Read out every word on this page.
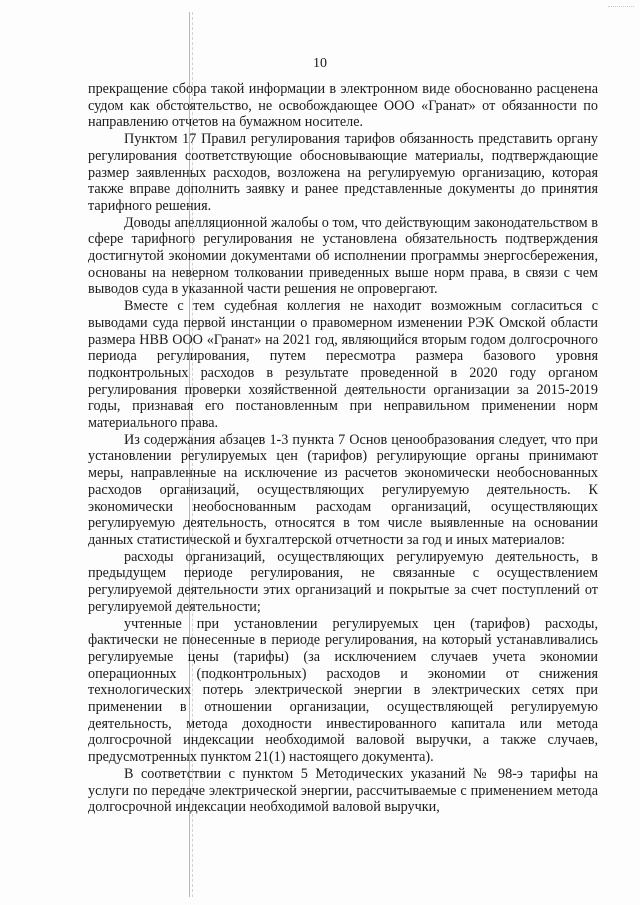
10

прекращение сбора такой информации в электронном виде обоснованно расценена судом как обстоятельство, не освобождающее ООО «Гранат» от обязанности по направлению отчетов на бумажном носителе.

Пунктом 17 Правил регулирования тарифов обязанность представить органу регулирования соответствующие обосновывающие материалы, подтверждающие размер заявленных расходов, возложена на регулируемую организацию, которая также вправе дополнить заявку и ранее представленные документы до принятия тарифного решения.

Доводы апелляционной жалобы о том, что действующим законодательством в сфере тарифного регулирования не установлена обязательность подтверждения достигнутой экономии документами об исполнении программы энергосбережения, основаны на неверном толковании приведенных выше норм права, в связи с чем выводов суда в указанной части решения не опровергают.

Вместе с тем судебная коллегия не находит возможным согласиться с выводами суда первой инстанции о правомерном изменении РЭК Омской области размера НВВ ООО «Гранат» на 2021 год, являющийся вторым годом долгосрочного периода регулирования, путем пересмотра размера базового уровня подконтрольных расходов в результате проведенной в 2020 году органом регулирования проверки хозяйственной деятельности организации за 2015-2019 годы, признавая его постановленным при неправильном применении норм материального права.

Из содержания абзацев 1-3 пункта 7 Основ ценообразования следует, что при установлении регулируемых цен (тарифов) регулирующие органы принимают меры, направленные на исключение из расчетов экономически необоснованных расходов организаций, осуществляющих регулируемую деятельность. К экономически необоснованным расходам организаций, осуществляющих регулируемую деятельность, относятся в том числе выявленные на основании данных статистической и бухгалтерской отчетности за год и иных материалов:

расходы организаций, осуществляющих регулируемую деятельность, в предыдущем периоде регулирования, не связанные с осуществлением регулируемой деятельности этих организаций и покрытые за счет поступлений от регулируемой деятельности;

учтенные при установлении регулируемых цен (тарифов) расходы, фактически не понесенные в периоде регулирования, на который устанавливались регулируемые цены (тарифы) (за исключением случаев учета экономии операционных (подконтрольных) расходов и экономии от снижения технологических потерь электрической энергии в электрических сетях при применении в отношении организации, осуществляющей регулируемую деятельность, метода доходности инвестированного капитала или метода долгосрочной индексации необходимой валовой выручки, а также случаев, предусмотренных пунктом 21(1) настоящего документа).

В соответствии с пунктом 5 Методических указаний № 98-э тарифы на услуги по передаче электрической энергии, рассчитываемые с применением метода долгосрочной индексации необходимой валовой выручки,
